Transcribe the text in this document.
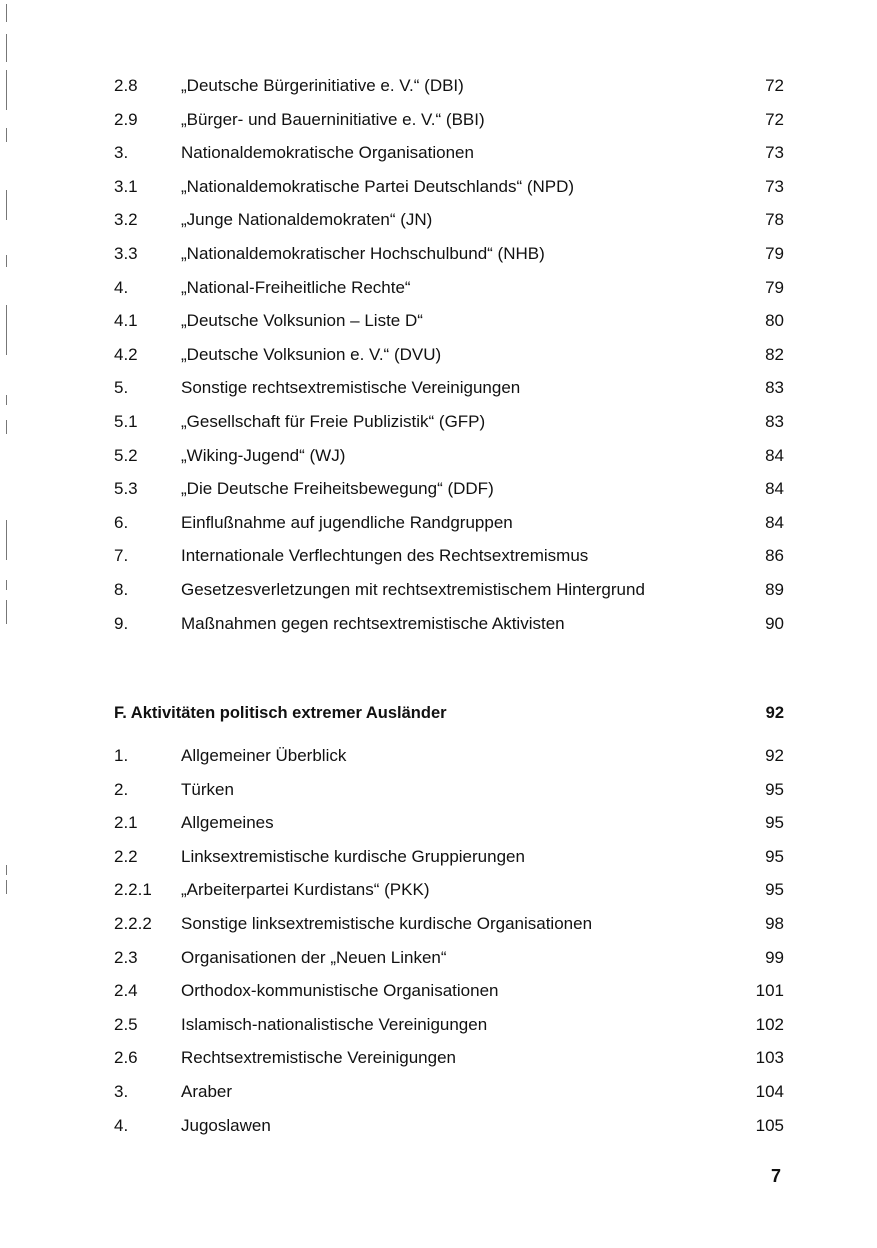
2.8	„Deutsche Bürgerinitiative e. V.“ (DBI)	72
2.9	„Bürger- und Bauerninitiative e. V.“ (BBI)	72
3.	Nationaldemokratische Organisationen	73
3.1	„Nationaldemokratische Partei Deutschlands“ (NPD)	73
3.2	„Junge Nationaldemokraten“ (JN)	78
3.3	„Nationaldemokratischer Hochschulbund“ (NHB)	79
4.	„National-Freiheitliche Rechte“	79
4.1	„Deutsche Volksunion – Liste D“	80
4.2	„Deutsche Volksunion e. V.“ (DVU)	82
5.	Sonstige rechtsextremistische Vereinigungen	83
5.1	„Gesellschaft für Freie Publizistik“ (GFP)	83
5.2	„Wiking-Jugend“ (WJ)	84
5.3	„Die Deutsche Freiheitsbewegung“ (DDF)	84
6.	Einflußnahme auf jugendliche Randgruppen	84
7.	Internationale Verflechtungen des Rechtsextremismus	86
8.	Gesetzesverletzungen mit rechtsextremistischem Hintergrund	89
9.	Maßnahmen gegen rechtsextremistische Aktivisten	90
F. Aktivitäten politisch extremer Ausländer	92
1.	Allgemeiner Überblick	92
2.	Türken	95
2.1	Allgemeines	95
2.2	Linksextremistische kurdische Gruppierungen	95
2.2.1 „Arbeiterpartei Kurdistans“ (PKK)	95
2.2.2 Sonstige linksextremistische kurdische Organisationen	98
2.3	Organisationen der „Neuen Linken“	99
2.4	Orthodox-kommunistische Organisationen	101
2.5	Islamisch-nationalistische Vereinigungen	102
2.6	Rechtsextremistische Vereinigungen	103
3.	Araber	104
4.	Jugoslawen	105
7
